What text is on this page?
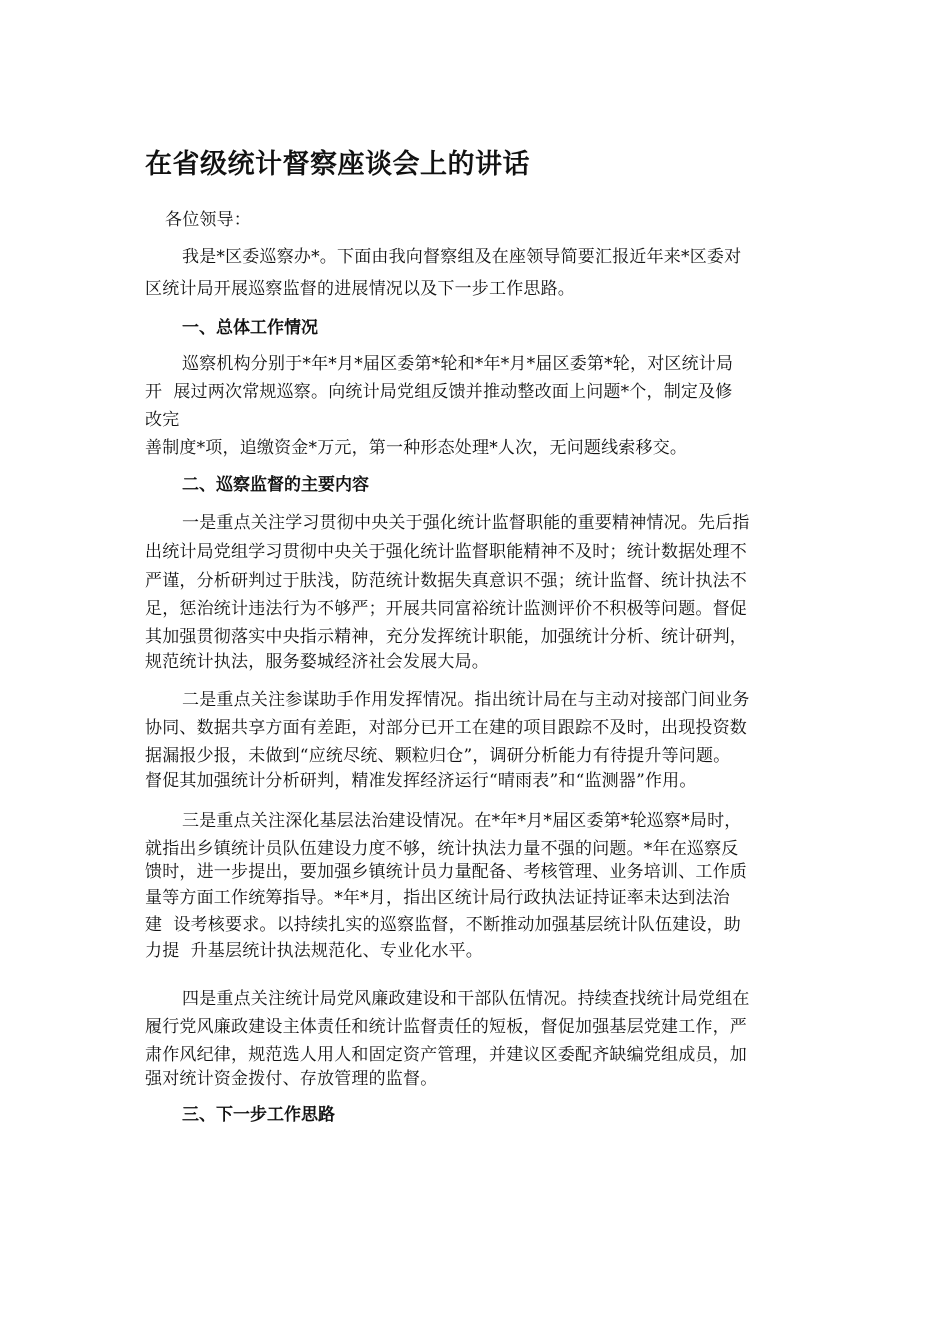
在省级统计督察座谈会上的讲话
各位领导：
我是*区委巡察办*。下面由我向督察组及在座领导简要汇报近年来*区委对
区统计局开展巡察监督的进展情况以及下一步工作思路。
一、总体工作情况
巡察机构分别于*年*月*届区委第*轮和*年*月*届区委第*轮，对区统计局
开  展过两次常规巡察。向统计局党组反馈并推动整改面上问题*个，制定及修
改完
善制度*项，追缴资金*万元，第一种形态处理*人次，无问题线索移交。
二、巡察监督的主要内容
一是重点关注学习贯彻中央关于强化统计监督职能的重要精神情况。先后指
出统计局党组学习贯彻中央关于强化统计监督职能精神不及时；统计数据处理不
严谨，分析研判过于肤浅，防范统计数据失真意识不强；统计监督、统计执法不
足，惩治统计违法行为不够严；开展共同富裕统计监测评价不积极等问题。督促
其加强贯彻落实中央指示精神，充分发挥统计职能，加强统计分析、统计研判，
规范统计执法，服务婺城经济社会发展大局。
二是重点关注参谋助手作用发挥情况。指出统计局在与主动对接部门间业务
协同、数据共享方面有差距，对部分已开工在建的项目跟踪不及时，出现投资数
据漏报少报，未做到“应统尽统、颗粒归仓”，调研分析能力有待提升等问题。
督促其加强统计分析研判，精准发挥经济运行“晴雨表”和“监测器”作用。
三是重点关注深化基层法治建设情况。在*年*月*届区委第*轮巡察*局时，
就指出乡镇统计员队伍建设力度不够，统计执法力量不强的问题。*年在巡察反
馈时，进一步提出，要加强乡镇统计员力量配备、考核管理、业务培训、工作质
量等方面工作统筹指导。*年*月，指出区统计局行政执法证持证率未达到法治
建  设考核要求。以持续扎实的巡察监督，不断推动加强基层统计队伍建设，助
力提  升基层统计执法规范化、专业化水平。
四是重点关注统计局党风廉政建设和干部队伍情况。持续查找统计局党组在
履行党风廉政建设主体责任和统计监督责任的短板，督促加强基层党建工作，严
肃作风纪律，规范选人用人和固定资产管理，并建议区委配齐缺编党组成员，加
强对统计资金拨付、存放管理的监督。
三、下一步工作思路
